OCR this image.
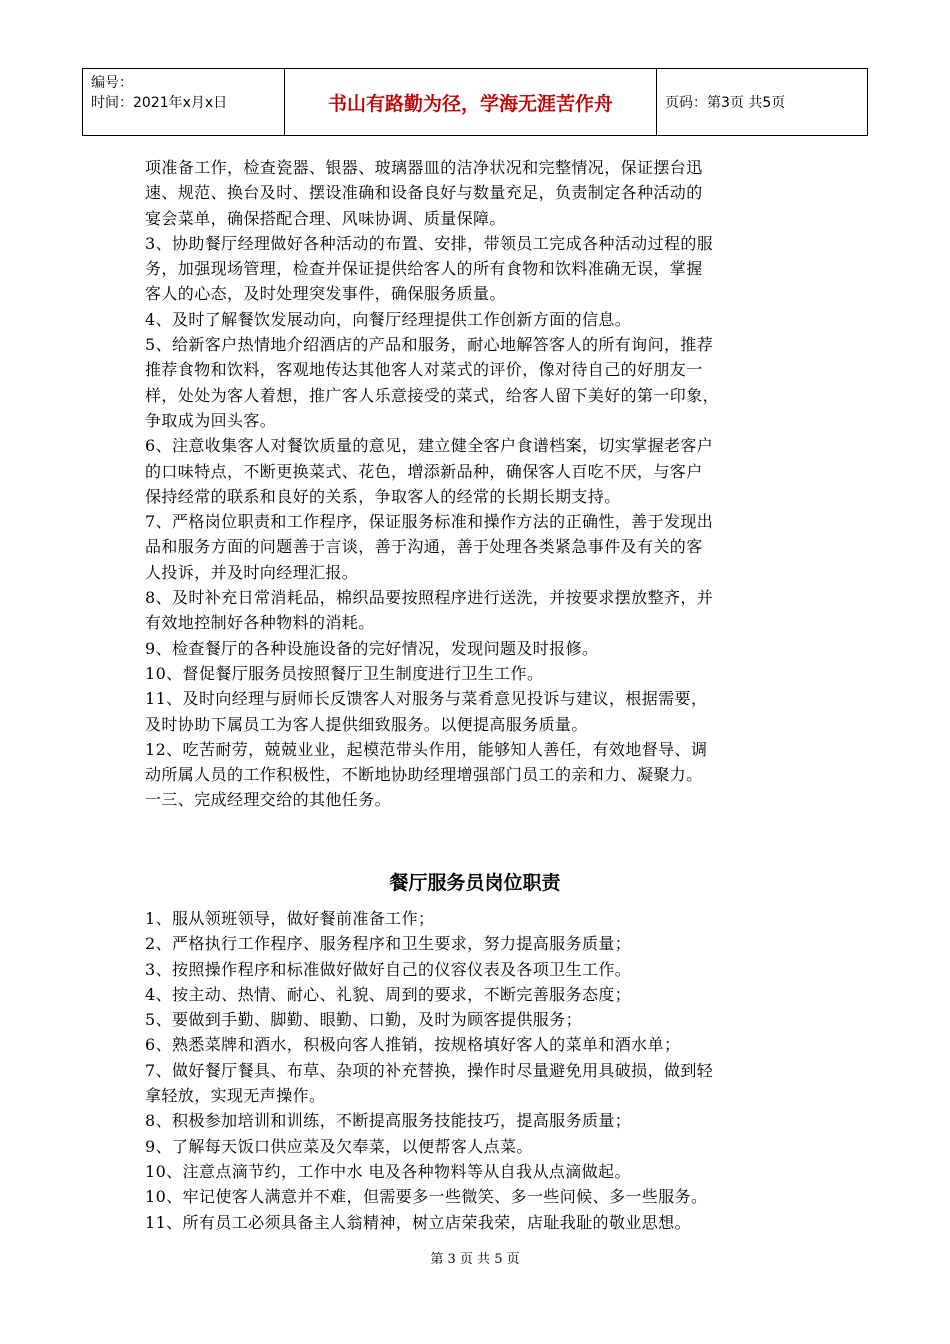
编号：
时间：2021年x月x日	书山有路勤为径，学海无涯苦作舟	页码：第3页 共5页

项准备工作，检查瓷器、银器、玻璃器皿的洁净状况和完整情况，保证摆台迅

速、规范、换台及时、摆设准确和设备良好与数量充足，负责制定各种活动的

宴会菜单，确保搭配合理、风味协调、质量保障。

3、协助餐厅经理做好各种活动的布置、安排，带领员工完成各种活动过程的服

务，加强现场管理，检查并保证提供给客人的所有食物和饮料准确无误，掌握

客人的心态，及时处理突发事件，确保服务质量。

4、及时了解餐饮发展动向，向餐厅经理提供工作创新方面的信息。

5、给新客户热情地介绍酒店的产品和服务，耐心地解答客人的所有询问，推荐

推荐食物和饮料，客观地传达其他客人对菜式的评价，像对待自己的好朋友一

样，处处为客人着想，推广客人乐意接受的菜式，给客人留下美好的第一印象，

争取成为回头客。

6、注意收集客人对餐饮质量的意见，建立健全客户食谱档案，切实掌握老客户

的口味特点，不断更换菜式、花色，增添新品种，确保客人百吃不厌，与客户

保持经常的联系和良好的关系，争取客人的经常的长期长期支持。

7、严格岗位职责和工作程序，保证服务标准和操作方法的正确性，善于发现出

品和服务方面的问题善于言谈，善于沟通，善于处理各类紧急事件及有关的客

人投诉，并及时向经理汇报。

8、及时补充日常消耗品，棉织品要按照程序进行送洗，并按要求摆放整齐，并

有效地控制好各种物料的消耗。

9、检查餐厅的各种设施设备的完好情况，发现问题及时报修。

10、督促餐厅服务员按照餐厅卫生制度进行卫生工作。

11、及时向经理与厨师长反馈客人对服务与菜肴意见投诉与建议，根据需要，

及时协助下属员工为客人提供细致服务。以便提高服务质量。

12、吃苦耐劳，兢兢业业，起模范带头作用，能够知人善任，有效地督导、调

动所属人员的工作积极性，不断地协助经理增强部门员工的亲和力、凝聚力。

一三、完成经理交给的其他任务。

餐厅服务员岗位职责

1、服从领班领导，做好餐前准备工作；

2、严格执行工作程序、服务程序和卫生要求，努力提高服务质量；

3、按照操作程序和标准做好做好自己的仪容仪表及各项卫生工作。

4、按主动、热情、耐心、礼貌、周到的要求，不断完善服务态度；

5、要做到手勤、脚勤、眼勤、口勤，及时为顾客提供服务；

6、熟悉菜牌和酒水，积极向客人推销，按规格填好客人的菜单和酒水单；

7、做好餐厅餐具、布草、杂项的补充替换，操作时尽量避免用具破损，做到轻

拿轻放，实现无声操作。

8、积极参加培训和训练，不断提高服务技能技巧，提高服务质量；

9、了解每天饭口供应菜及欠奉菜，以便帮客人点菜。

10、注意点滴节约，工作中水 电及各种物料等从自我从点滴做起。

10、牢记使客人满意并不难，但需要多一些微笑、多一些问候、多一些服务。

11、所有员工必须具备主人翁精神，树立店荣我荣，店耻我耻的敬业思想。

第 3 页 共 5 页
